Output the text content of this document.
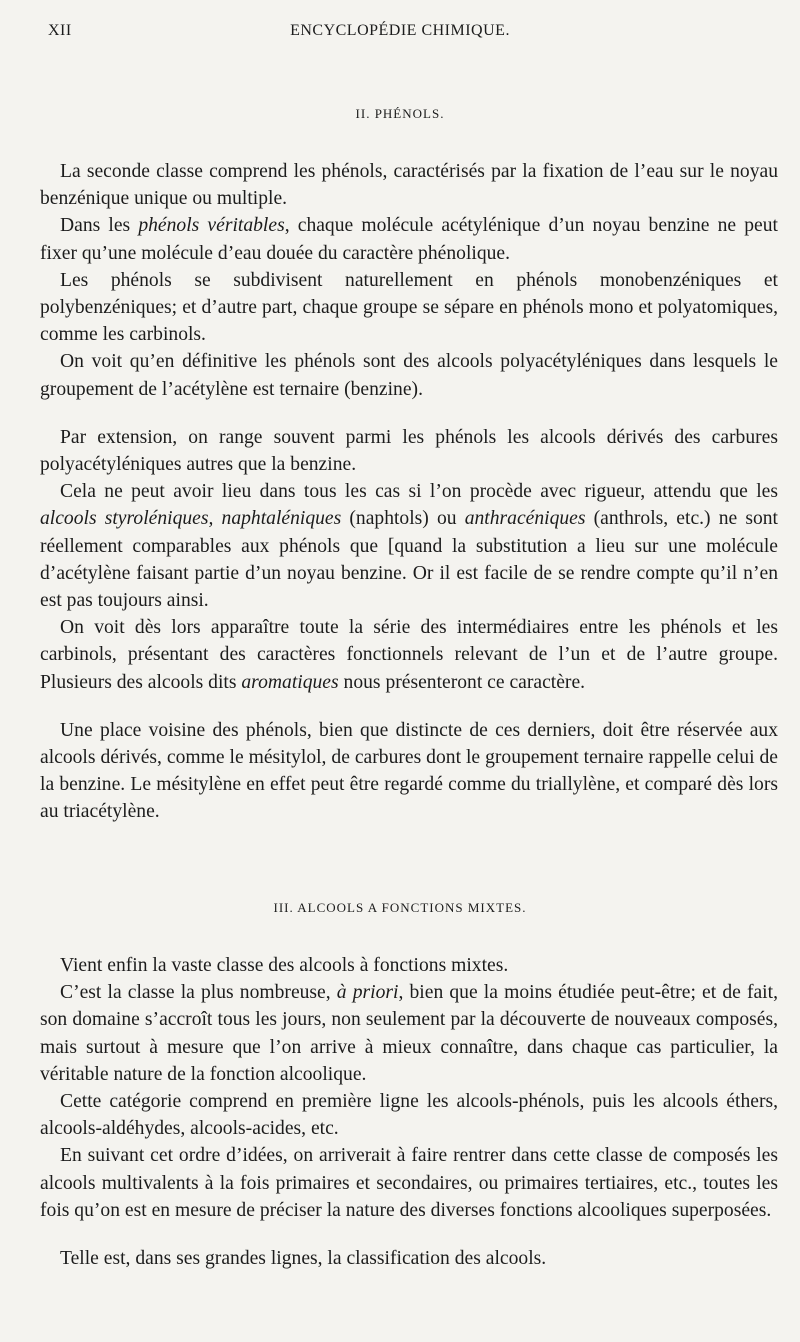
XII	ENCYCLOPÉDIE CHIMIQUE.
II. PHÉNOLS.

La seconde classe comprend les phénols, caractérisés par la fixation de l’eau sur le noyau benzénique unique ou multiple.

Dans les phénols véritables, chaque molécule acétylénique d’un noyau benzine ne peut fixer qu’une molécule d’eau douée du caractère phénolique.

Les phénols se subdivisent naturellement en phénols monobenzéniques et polybenzéniques; et d’autre part, chaque groupe se sépare en phénols mono et polyatomiques, comme les carbinols.

On voit qu’en définitive les phénols sont des alcools polyacétyléniques dans lesquels le groupement de l’acétylène est ternaire (benzine).

Par extension, on range souvent parmi les phénols les alcools dérivés des carbures polyacétyléniques autres que la benzine.

Cela ne peut avoir lieu dans tous les cas si l’on procède avec rigueur, attendu que les alcools styroléniques, naphtaléniques (naphtols) ou anthracéniques (anthrols, etc.) ne sont réellement comparables aux phénols que [quand la substitution a lieu sur une molécule d’acétylène faisant partie d’un noyau benzine. Or il est facile de se rendre compte qu’il n’en est pas toujours ainsi.

On voit dès lors apparaître toute la série des intermédiaires entre les phénols et les carbinols, présentant des caractères fonctionnels relevant de l’un et de l’autre groupe. Plusieurs des alcools dits aromatiques nous présenteront ce caractère.

Une place voisine des phénols, bien que distincte de ces derniers, doit être réservée aux alcools dérivés, comme le mésitylol, de carbures dont le groupement ternaire rappelle celui de la benzine. Le mésitylène en effet peut être regardé comme du triallylène, et comparé dès lors au triacétylène.

III. ALCOOLS A FONCTIONS MIXTES.

Vient enfin la vaste classe des alcools à fonctions mixtes.

C’est la classe la plus nombreuse, à priori, bien que la moins étudiée peut-être; et de fait, son domaine s’accroît tous les jours, non seulement par la découverte de nouveaux composés, mais surtout à mesure que l’on arrive à mieux connaître, dans chaque cas particulier, la véritable nature de la fonction alcoolique.

Cette catégorie comprend en première ligne les alcools-phénols, puis les alcools éthers, alcools-aldéhydes, alcools-acides, etc.

En suivant cet ordre d’idées, on arriverait à faire rentrer dans cette classe de composés les alcools multivalents à la fois primaires et secondaires, ou primaires tertiaires, etc., toutes les fois qu’on est en mesure de préciser la nature des diverses fonctions alcooliques superposées.

Telle est, dans ses grandes lignes, la classification des alcools.
